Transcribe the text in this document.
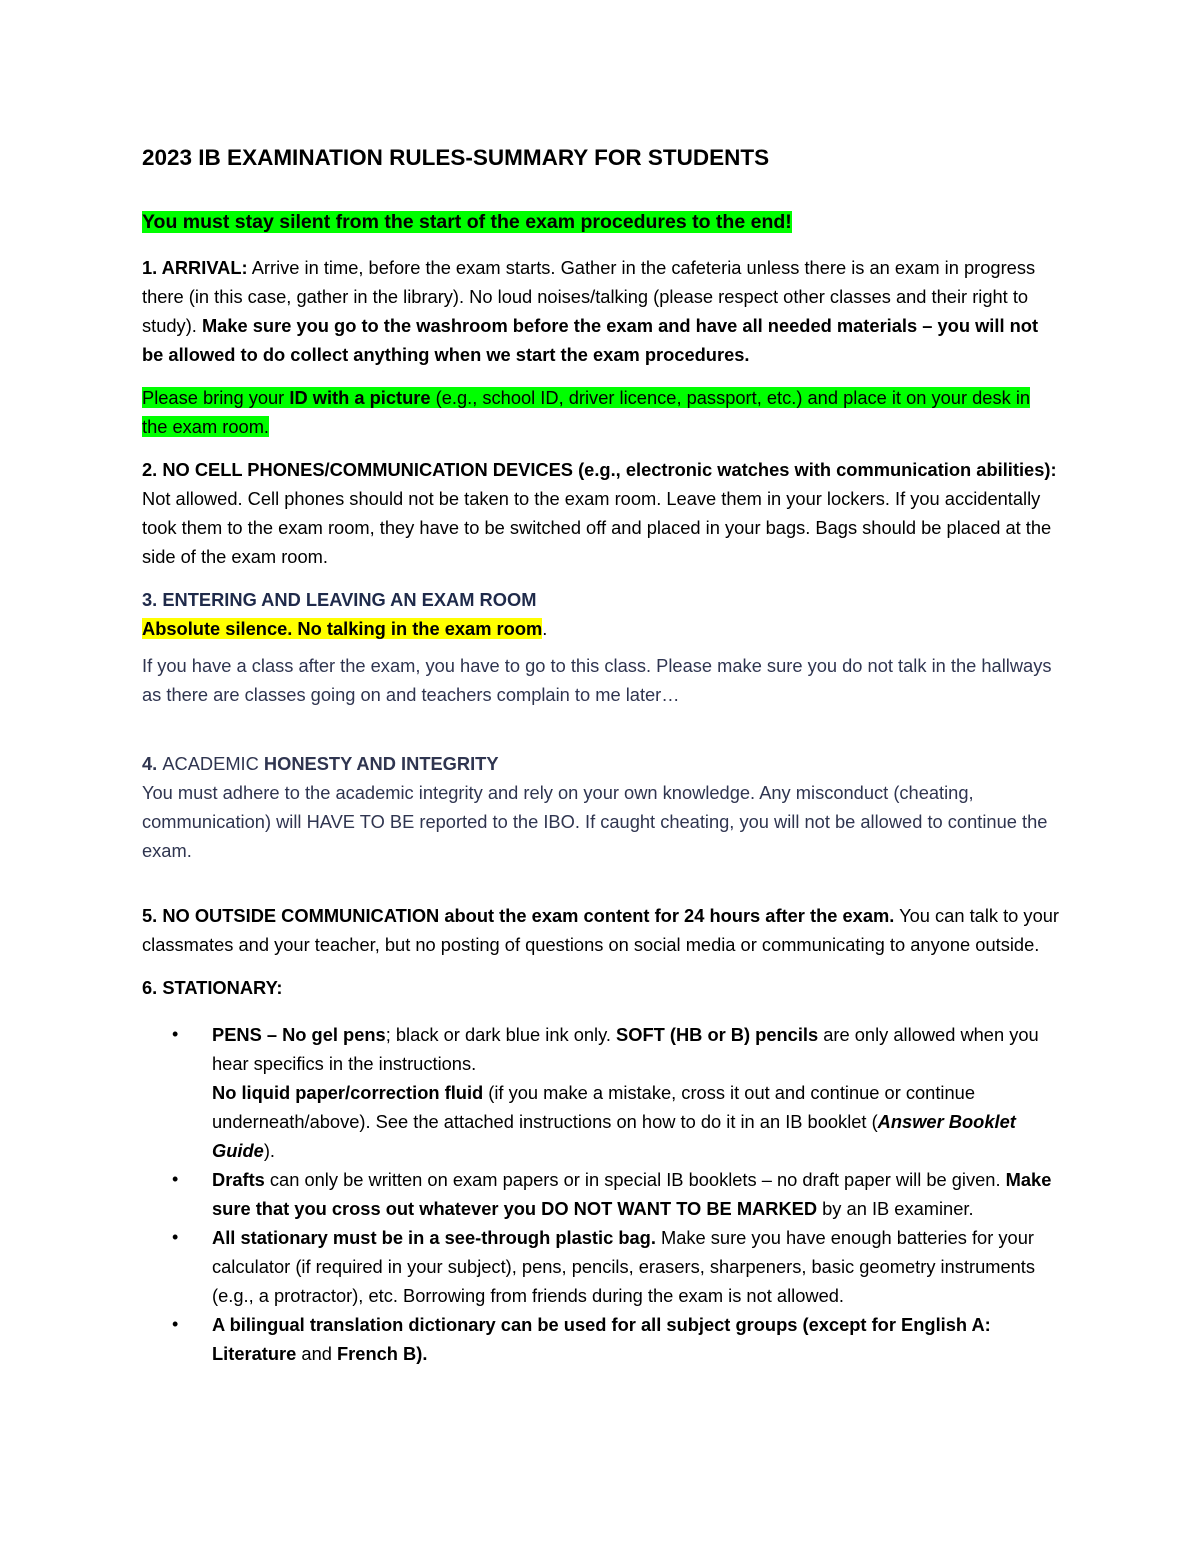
2023 IB EXAMINATION RULES-SUMMARY FOR STUDENTS
You must stay silent from the start of the exam procedures to the end!
1. ARRIVAL: Arrive in time, before the exam starts. Gather in the cafeteria unless there is an exam in progress there (in this case, gather in the library). No loud noises/talking (please respect other classes and their right to study). Make sure you go to the washroom before the exam and have all needed materials – you will not be allowed to do collect anything when we start the exam procedures.
Please bring your ID with a picture (e.g., school ID, driver licence, passport, etc.) and place it on your desk in the exam room.
2. NO CELL PHONES/COMMUNICATION DEVICES (e.g., electronic watches with communication abilities): Not allowed. Cell phones should not be taken to the exam room. Leave them in your lockers. If you accidentally took them to the exam room, they have to be switched off and placed in your bags. Bags should be placed at the side of the exam room.
3. ENTERING AND LEAVING AN EXAM ROOM
Absolute silence. No talking in the exam room.
If you have a class after the exam, you have to go to this class. Please make sure you do not talk in the hallways as there are classes going on and teachers complain to me later…
4. ACADEMIC HONESTY AND INTEGRITY
You must adhere to the academic integrity and rely on your own knowledge. Any misconduct (cheating, communication) will HAVE TO BE reported to the IBO. If caught cheating, you will not be allowed to continue the exam.
5. NO OUTSIDE COMMUNICATION about the exam content for 24 hours after the exam. You can talk to your classmates and your teacher, but no posting of questions on social media or communicating to anyone outside.
6. STATIONARY:
• PENS – No gel pens; black or dark blue ink only. SOFT (HB or B) pencils are only allowed when you hear specifics in the instructions.
No liquid paper/correction fluid (if you make a mistake, cross it out and continue or continue underneath/above). See the attached instructions on how to do it in an IB booklet (Answer Booklet Guide).
• Drafts can only be written on exam papers or in special IB booklets – no draft paper will be given. Make sure that you cross out whatever you DO NOT WANT TO BE MARKED by an IB examiner.
• All stationary must be in a see-through plastic bag. Make sure you have enough batteries for your calculator (if required in your subject), pens, pencils, erasers, sharpeners, basic geometry instruments (e.g., a protractor), etc. Borrowing from friends during the exam is not allowed.
• A bilingual translation dictionary can be used for all subject groups (except for English A: Literature and French B).
